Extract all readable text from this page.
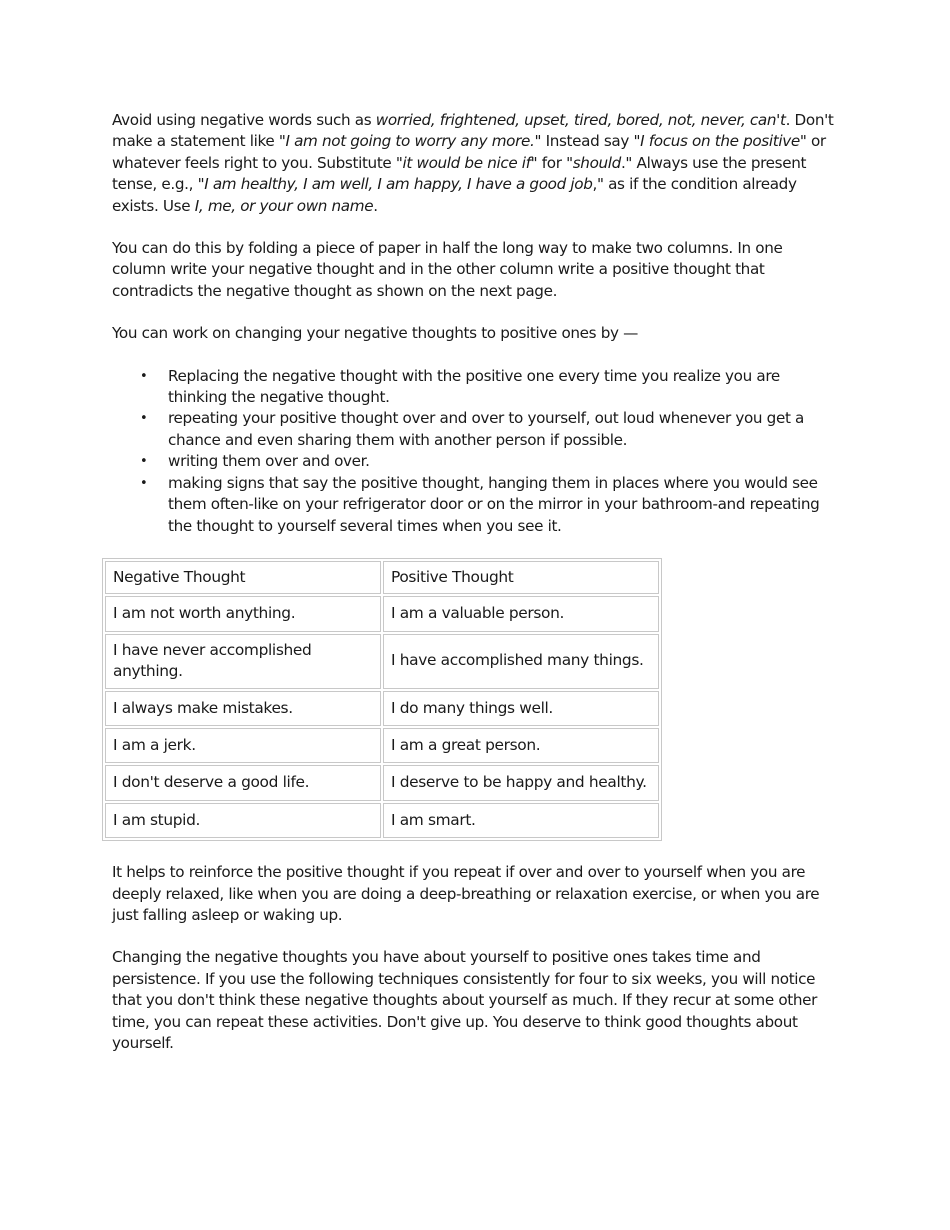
Avoid using negative words such as worried, frightened, upset, tired, bored, not, never, can't. Don't make a statement like "I am not going to worry any more." Instead say "I focus on the positive" or whatever feels right to you. Substitute "it would be nice if" for "should." Always use the present tense, e.g., "I am healthy, I am well, I am happy, I have a good job," as if the condition already exists. Use I, me, or your own name.

You can do this by folding a piece of paper in half the long way to make two columns. In one column write your negative thought and in the other column write a positive thought that contradicts the negative thought as shown on the next page.

You can work on changing your negative thoughts to positive ones by —

• Replacing the negative thought with the positive one every time you realize you are thinking the negative thought.
• repeating your positive thought over and over to yourself, out loud whenever you get a chance and even sharing them with another person if possible.
• writing them over and over.
• making signs that say the positive thought, hanging them in places where you would see them often-like on your refrigerator door or on the mirror in your bathroom-and repeating the thought to yourself several times when you see it.
Negative Thought	Positive Thought
I am not worth anything.	I am a valuable person.
I have never accomplished anything.	I have accomplished many things.
I always make mistakes.	I do many things well.
I am a jerk.	I am a great person.
I don't deserve a good life.	I deserve to be happy and healthy.
I am stupid.	I am smart.

It helps to reinforce the positive thought if you repeat if over and over to yourself when you are deeply relaxed, like when you are doing a deep-breathing or relaxation exercise, or when you are just falling asleep or waking up.

Changing the negative thoughts you have about yourself to positive ones takes time and persistence. If you use the following techniques consistently for four to six weeks, you will notice that you don't think these negative thoughts about yourself as much. If they recur at some other time, you can repeat these activities. Don't give up. You deserve to think good thoughts about yourself.
